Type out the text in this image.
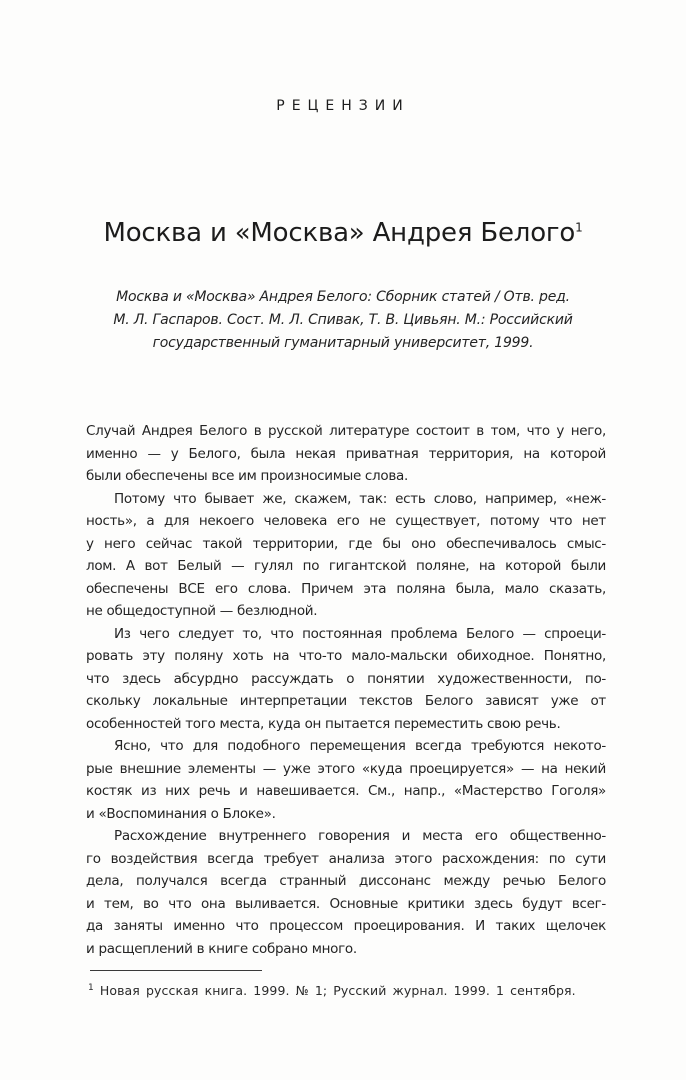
РЕЦЕНЗИИ
Москва и «Москва» Андрея Белого$^1$
Москва и «Москва» Андрея Белого: Сборник статей / Отв. ред.
М. Л. Гаспаров. Сост. М. Л. Спивак, Т. В. Цивьян. М.: Российский
государственный гуманитарный университет, 1999.
Случай Андрея Белого в русской литературе состоит в том, что у него,
именно — у Белого, была некая приватная территория, на которой
были обеспечены все им произносимые слова.
Потому что бывает же, скажем, так: есть слово, например, «неж-
ность», а для некоего человека его не существует, потому что нет
у него сейчас такой территории, где бы оно обеспечивалось смыс-
лом. А вот Белый — гулял по гигантской поляне, на которой были
обеспечены ВСЕ его слова. Причем эта поляна была, мало сказать,
не общедоступной — безлюдной.
Из чего следует то, что постоянная проблема Белого — спроеци-
ровать эту поляну хоть на что-то мало-мальски обиходное. Понятно,
что здесь абсурдно рассуждать о понятии художественности, по-
скольку локальные интерпретации текстов Белого зависят уже от
особенностей того места, куда он пытается переместить свою речь.
Ясно, что для подобного перемещения всегда требуются некото-
рые внешние элементы — уже этого «куда проецируется» — на некий
костяк из них речь и навешивается. См., напр., «Мастерство Гоголя»
и «Воспоминания о Блоке».
Расхождение внутреннего говорения и места его общественно-
го воздействия всегда требует анализа этого расхождения: по сути
дела, получался всегда странный диссонанс между речью Белого
и тем, во что она выливается. Основные критики здесь будут всег-
да заняты именно что процессом проецирования. И таких щелочек
и расщеплений в книге собрано много.
$^1$ Новая русская книга. 1999. № 1; Русский журнал. 1999. 1 сентября.
